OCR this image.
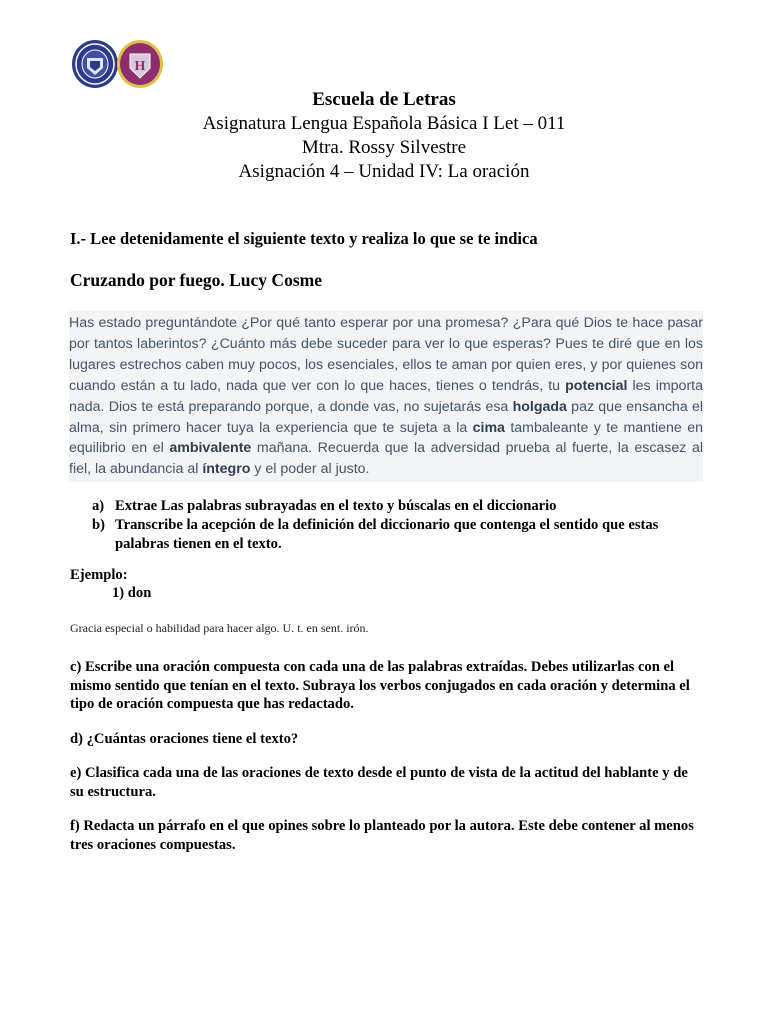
H
Escuela de Letras
Asignatura Lengua Española Básica I Let – 011
Mtra. Rossy Silvestre
Asignación 4 – Unidad IV: La oración
I.- Lee detenidamente el siguiente texto y realiza lo que se te indica
Cruzando por fuego. Lucy Cosme
Has estado preguntándote ¿Por qué tanto esperar por una promesa? ¿Para qué Dios te hace pasar por tantos laberintos? ¿Cuánto más debe suceder para ver lo que esperas? Pues te diré que en los lugares estrechos caben muy pocos, los esenciales, ellos te aman por quien eres, y por quienes son cuando están a tu lado, nada que ver con lo que haces, tienes o tendrás, tu potencial les importa nada. Dios te está preparando porque, a donde vas, no sujetarás esa holgada paz que ensancha el alma, sin primero hacer tuya la experiencia que te sujeta a la cima tambaleante y te mantiene en equilibrio en el ambivalente mañana. Recuerda que la adversidad prueba al fuerte, la escasez al fiel, la abundancia al íntegro y el poder al justo.
a) Extrae Las palabras subrayadas en el texto y búscalas en el diccionario
b) Transcribe la acepción de la definición del diccionario que contenga el sentido que estas palabras tienen en el texto.
Ejemplo:
1) don
Gracia especial o habilidad para hacer algo. U. t. en sent. irón.
c) Escribe una oración compuesta con cada una de las palabras extraídas. Debes utilizarlas con el mismo sentido que tenían en el texto. Subraya los verbos conjugados en cada oración y determina el tipo de oración compuesta que has redactado.
d) ¿Cuántas oraciones tiene el texto?
e) Clasifica cada una de las oraciones de texto desde el punto de vista de la actitud del hablante y de su estructura.
f) Redacta un párrafo en el que opines sobre lo planteado por la autora. Este debe contener al menos tres oraciones compuestas.
